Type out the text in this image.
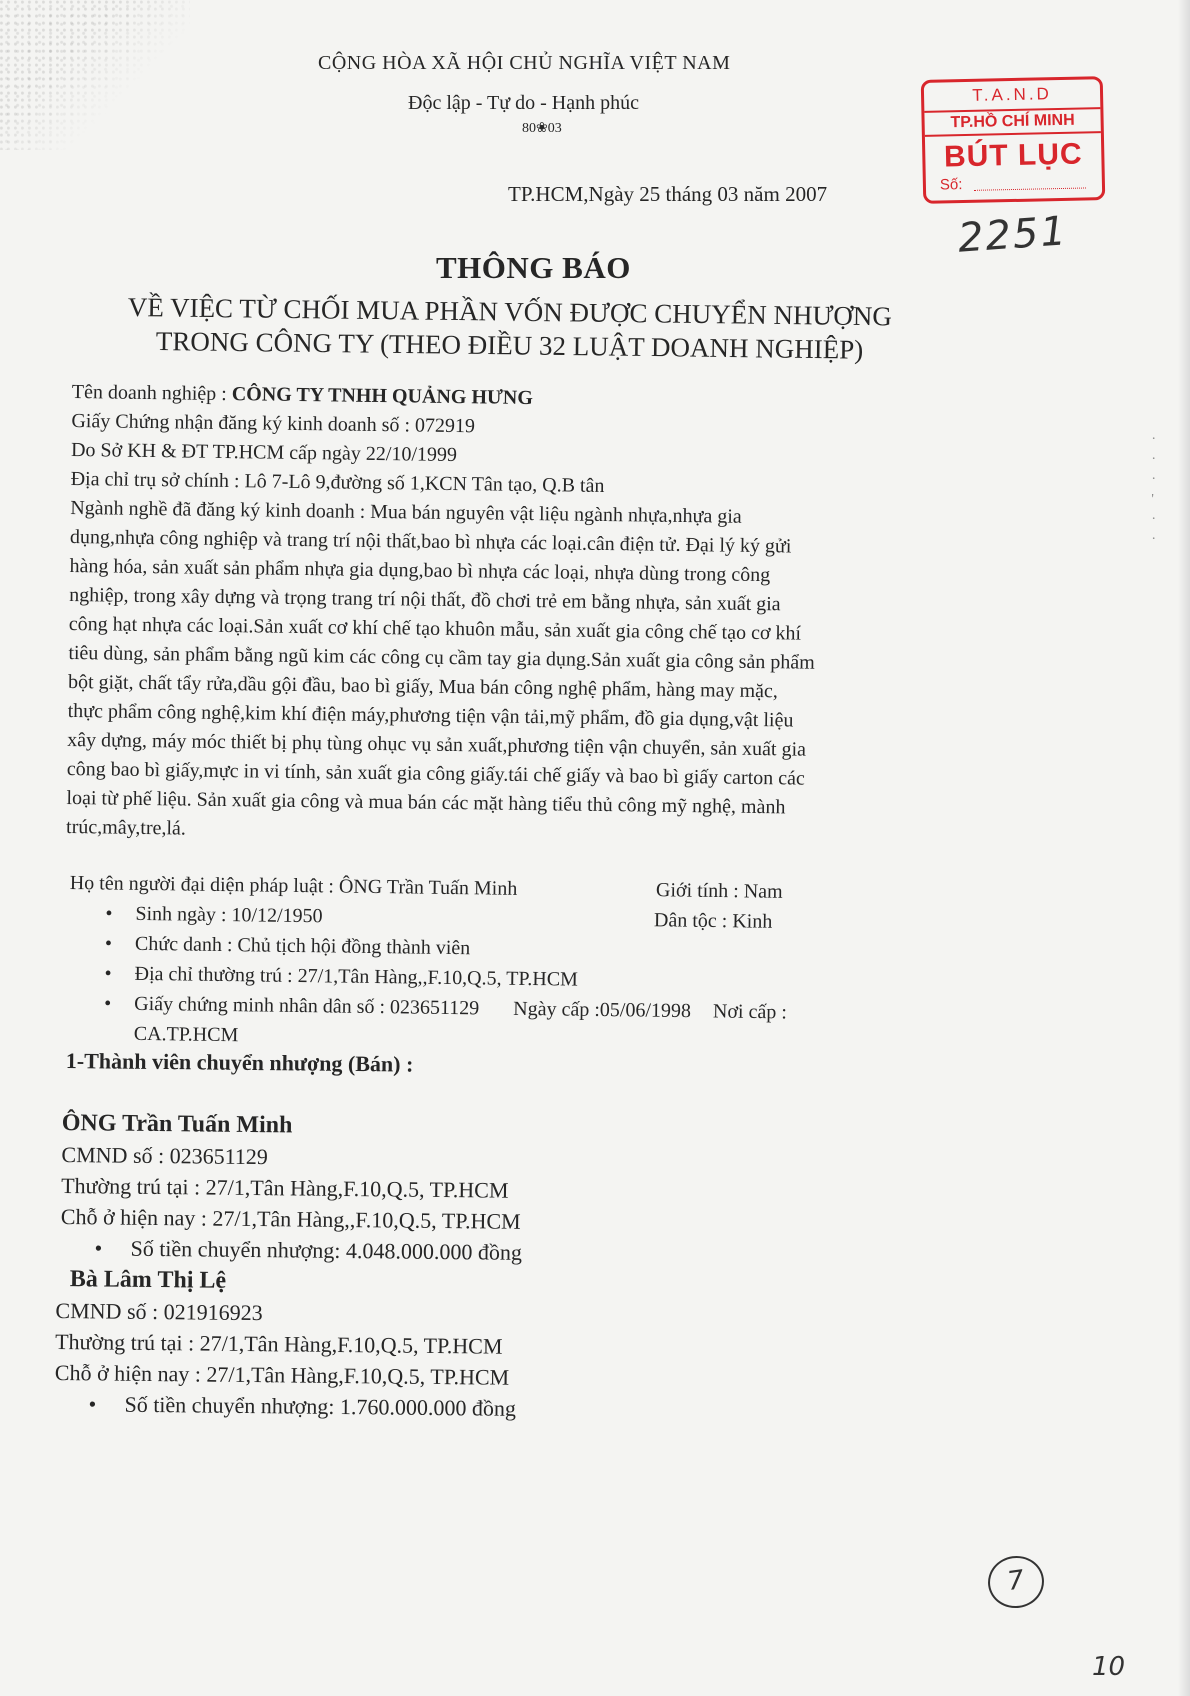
CỘNG HÒA XÃ HỘI CHỦ NGHĨA VIỆT NAM
Độc lập - Tự do - Hạnh phúc
80❀03
T.A.N.D
TP.HỒ CHÍ MINH
BÚT LỤC
Số:
TP.HCM,Ngày 25 tháng 03 năm 2007
2251
THÔNG BÁO
VỀ VIỆC TỪ CHỐI MUA PHẦN VỐN ĐƯỢC CHUYỂN NHƯỢNG
TRONG CÔNG TY (THEO ĐIỀU 32 LUẬT DOANH NGHIỆP)
Tên doanh nghiệp : CÔNG TY TNHH QUẢNG HƯNG
Giấy Chứng nhận đăng ký kinh doanh số : 072919
Do Sở KH & ĐT TP.HCM cấp ngày 22/10/1999
Địa chỉ trụ sở chính : Lô 7-Lô 9,đường số 1,KCN Tân tạo, Q.B tân
Ngành nghề đã đăng ký kinh doanh : Mua bán nguyên vật liệu ngành nhựa,nhựa gia
dụng,nhựa công nghiệp và trang trí nội thất,bao bì nhựa các loại.cân điện tử. Đại lý ký gửi
hàng hóa, sản xuất sản phẩm nhựa gia dụng,bao bì nhựa các loại, nhựa dùng trong công
nghiệp, trong xây dựng và trọng trang trí nội thất, đồ chơi trẻ em bằng nhựa, sản xuất gia
công hạt nhựa các loại.Sản xuất cơ khí chế tạo khuôn mẫu, sản xuất gia công chế tạo cơ khí
tiêu dùng, sản phẩm bằng ngũ kim các công cụ cầm tay gia dụng.Sản xuất gia công sản phẩm
bột giặt, chất tẩy rửa,dầu gội đầu, bao bì giấy, Mua bán công nghệ phẩm, hàng may mặc,
thực phẩm công nghệ,kim khí điện máy,phương tiện vận tải,mỹ phẩm, đồ gia dụng,vật liệu
xây dựng, máy móc thiết bị phụ tùng ohục vụ sản xuất,phương tiện vận chuyển, sản xuất gia
công bao bì giấy,mực in vi tính, sản xuất gia công giấy.tái chế giấy và bao bì giấy carton các
loại từ phế liệu. Sản xuất gia công và mua bán các mặt hàng tiểu thủ công mỹ nghệ, mành
trúc,mây,tre,lá.
Họ tên người đại diện pháp luật : ÔNG Trần Tuấn Minh
• Sinh ngày : 10/12/1950
• Chức danh : Chủ tịch hội đồng thành viên
• Địa chỉ thường trú : 27/1,Tân Hàng,,F.10,Q.5, TP.HCM
• Giấy chứng minh nhân dân số : 023651129 Ngày cấp :05/06/1998 Nơi cấp :
CA.TP.HCM
Giới tính : Nam
Dân tộc : Kinh
1-Thành viên chuyển nhượng (Bán) :
ÔNG Trần Tuấn Minh
CMND số : 023651129
Thường trú tại : 27/1,Tân Hàng,F.10,Q.5, TP.HCM
Chỗ ở hiện nay : 27/1,Tân Hàng,,F.10,Q.5, TP.HCM
• Số tiền chuyển nhượng: 4.048.000.000 đồng
Bà Lâm Thị Lệ
CMND số : 021916923
Thường trú tại : 27/1,Tân Hàng,F.10,Q.5, TP.HCM
Chỗ ở hiện nay : 27/1,Tân Hàng,F.10,Q.5, TP.HCM
• Số tiền chuyển nhượng: 1.760.000.000 đồng
7
10
·
·
·
'
·
·
